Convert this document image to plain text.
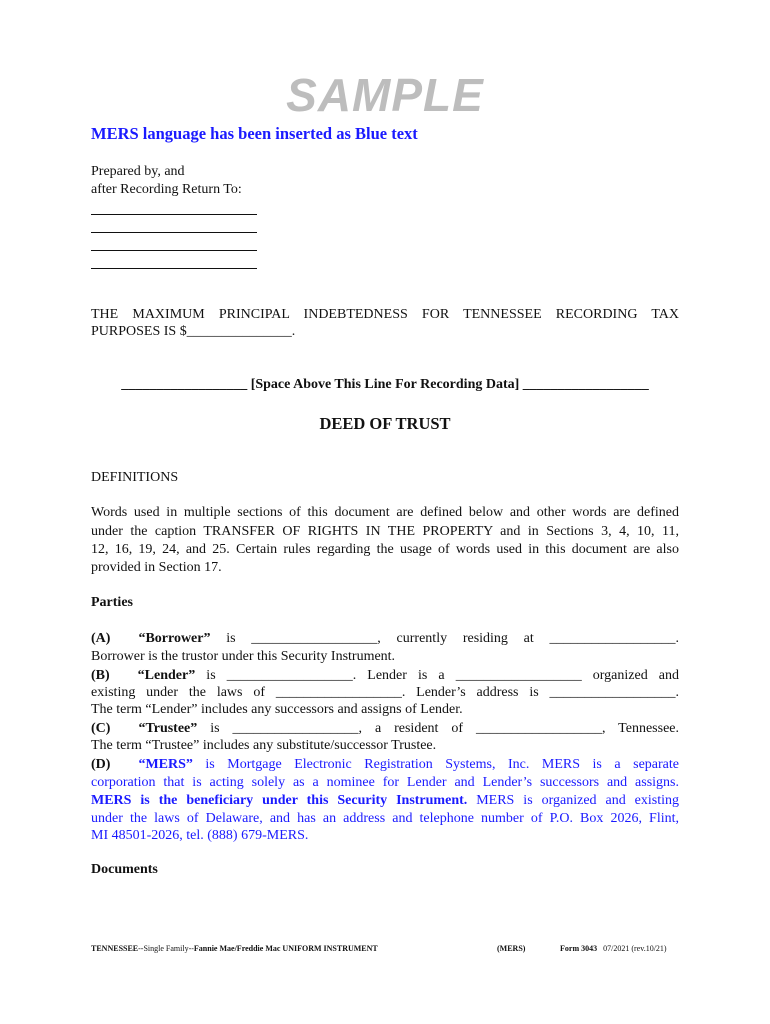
SAMPLE
MERS language has been inserted as Blue text
Prepared by, and
after Recording Return To:
THE MAXIMUM PRINCIPAL INDEBTEDNESS FOR TENNESSEE RECORDING TAX
PURPOSES IS $_______________.
__________________ [Space Above This Line For Recording Data] __________________
DEED OF TRUST
DEFINITIONS
Words used in multiple sections of this document are defined below and other words are defined
under the caption TRANSFER OF RIGHTS IN THE PROPERTY and in Sections 3, 4, 10, 11,
12, 16, 19, 24, and 25. Certain rules regarding the usage of words used in this document are also
provided in Section 17.
Parties
(A) “Borrower” is __________________, currently residing at __________________.
Borrower is the trustor under this Security Instrument.
(B) “Lender” is __________________. Lender is a __________________ organized and
existing under the laws of __________________. Lender’s address is __________________.
The term “Lender” includes any successors and assigns of Lender.
(C) “Trustee” is __________________, a resident of __________________, Tennessee.
The term “Trustee” includes any substitute/successor Trustee.
(D) “MERS” is Mortgage Electronic Registration Systems, Inc. MERS is a separate
corporation that is acting solely as a nominee for Lender and Lender’s successors and assigns.
MERS is the beneficiary under this Security Instrument. MERS is organized and existing
under the laws of Delaware, and has an address and telephone number of P.O. Box 2026, Flint,
MI 48501-2026, tel. (888) 679-MERS.
Documents
TENNESSEE--Single Family--Fannie Mae/Freddie Mac UNIFORM INSTRUMENT	(MERS)	Form 3043 07/2021 (rev.10/21)
